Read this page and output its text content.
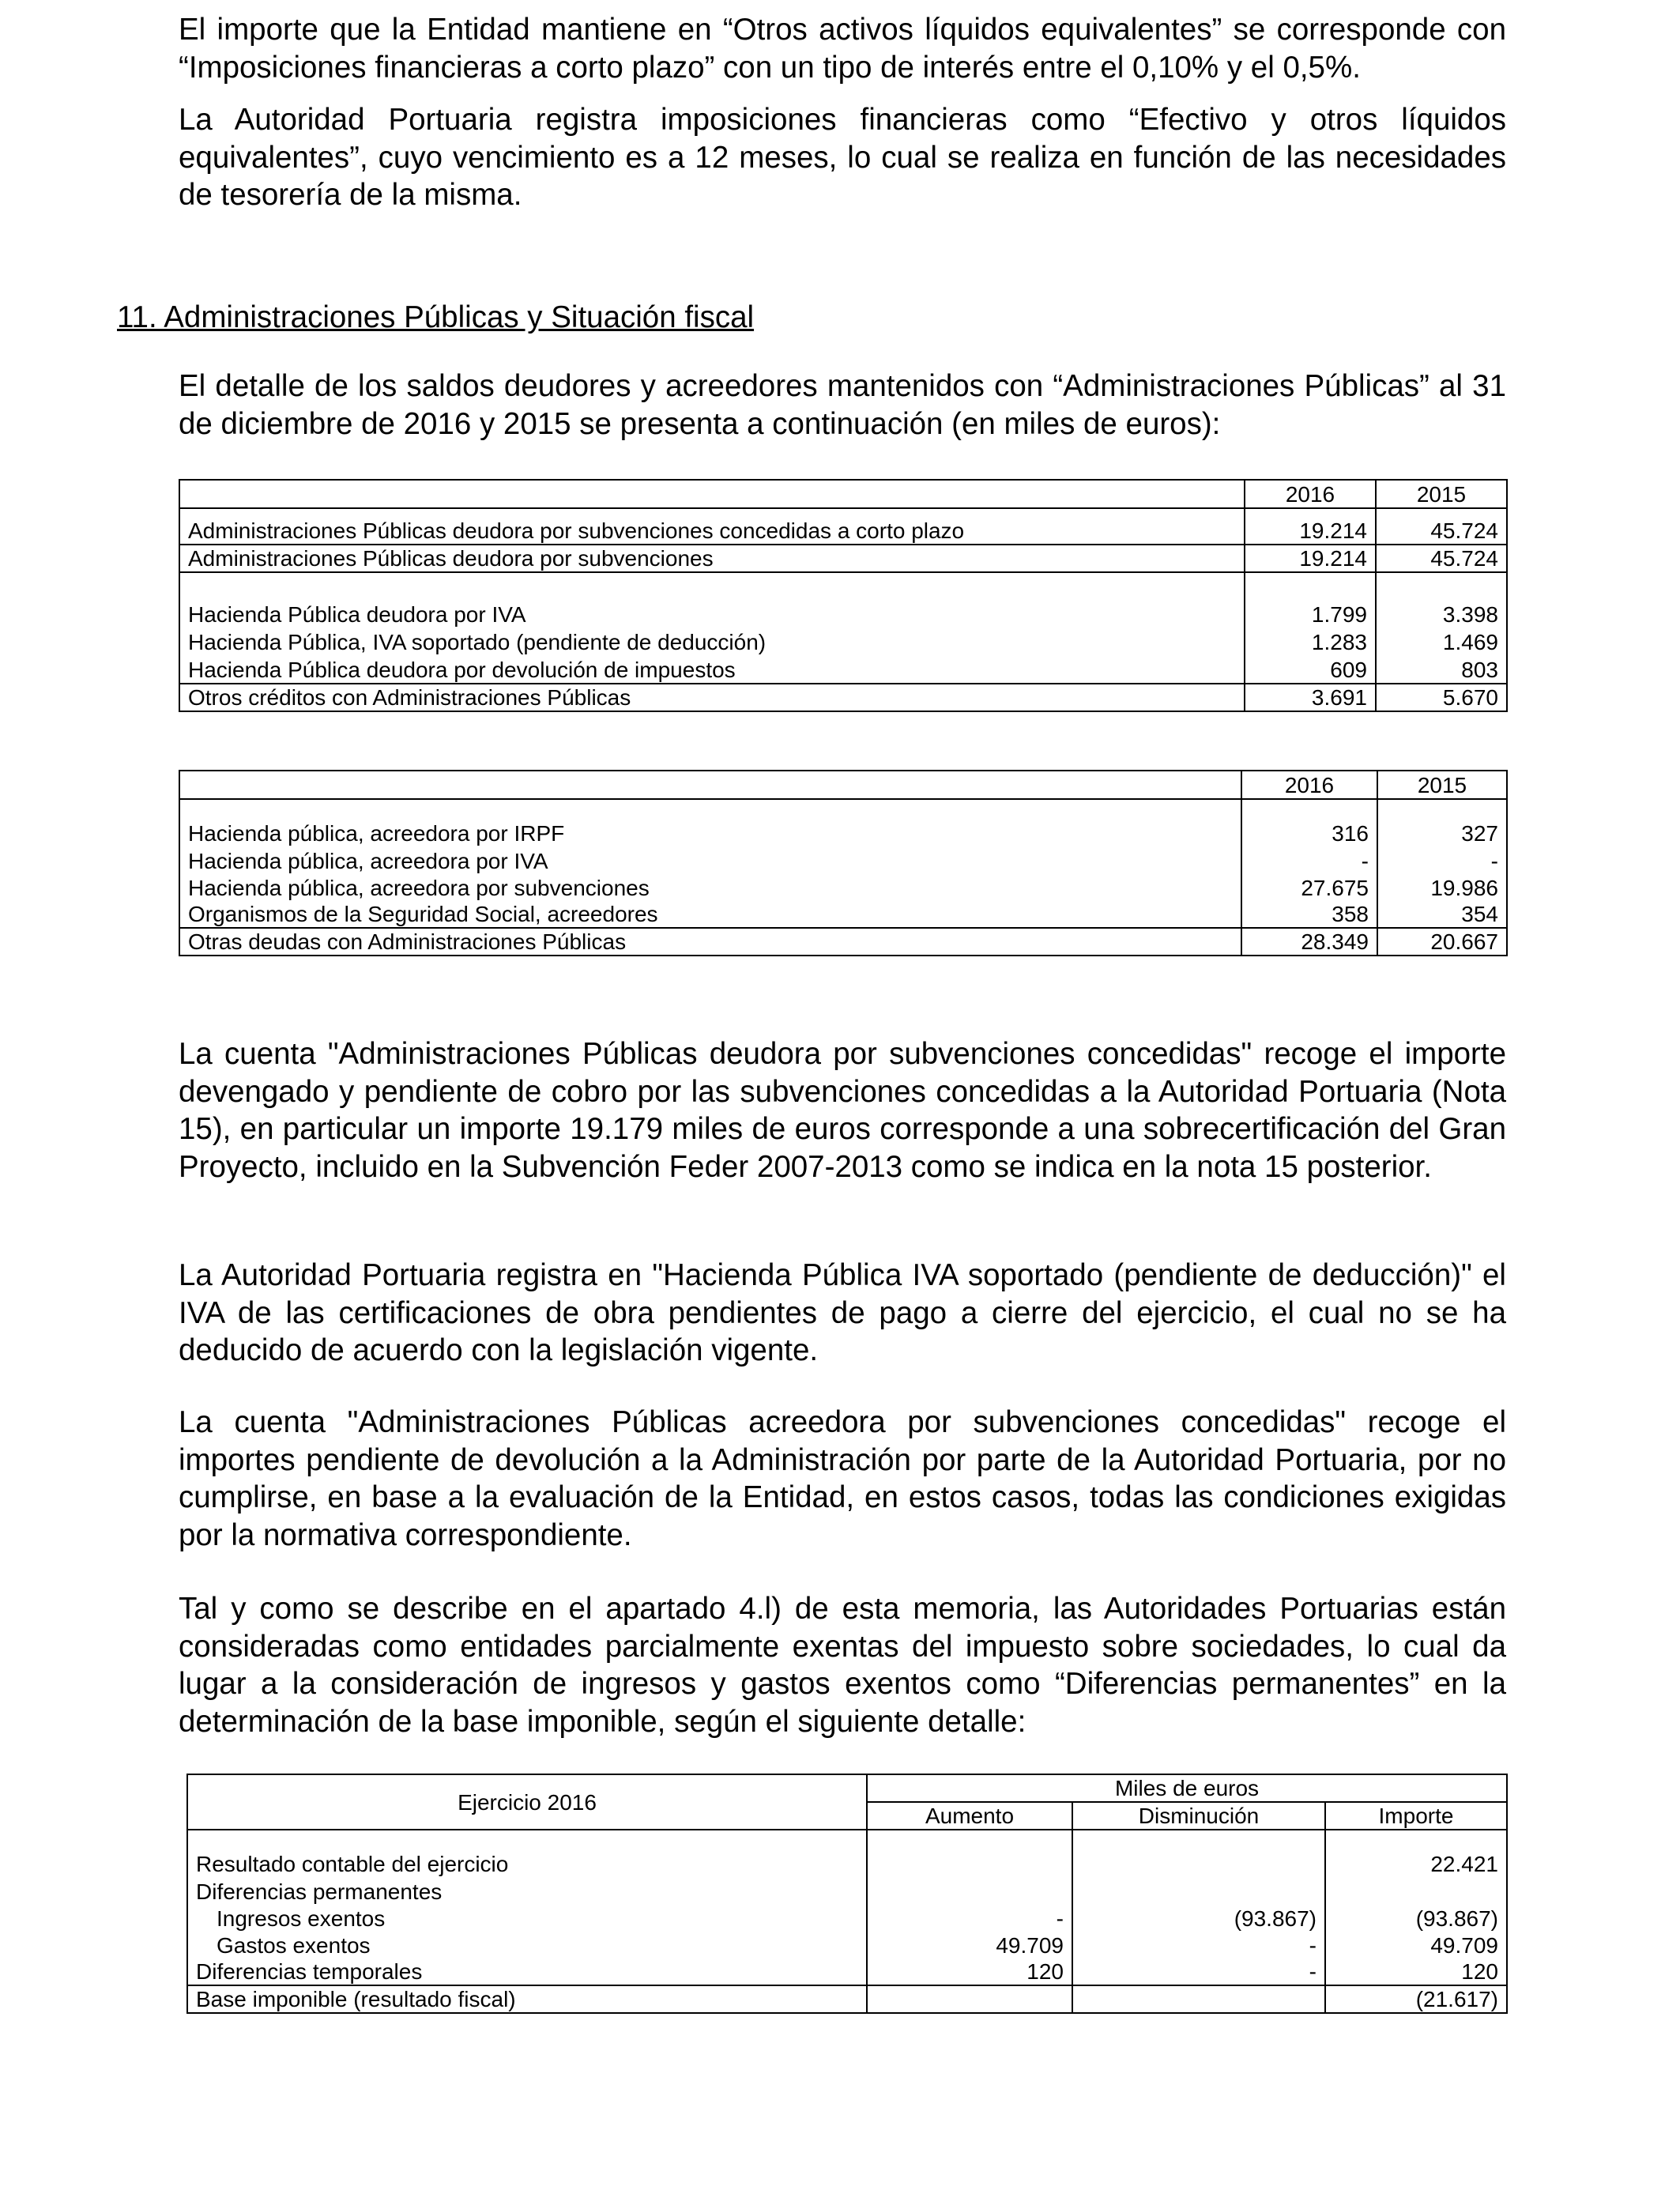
El importe que la Entidad mantiene en “Otros activos líquidos equivalentes” se corresponde con “Imposiciones financieras a corto plazo” con un tipo de interés entre el 0,10% y el 0,5%.

La Autoridad Portuaria registra imposiciones financieras como “Efectivo y otros líquidos equivalentes”, cuyo vencimiento es a 12 meses, lo cual se realiza en función de las necesidades de tesorería de la misma.

11. Administraciones Públicas y Situación fiscal

El detalle de los saldos deudores y acreedores mantenidos con “Administraciones Públicas” al 31 de diciembre de 2016 y 2015 se presenta a continuación (en miles de euros):

	2016	2015

Administraciones Públicas deudora por subvenciones concedidas a corto plazo	19.214	45.724
Administraciones Públicas deudora por subvenciones	19.214	45.724

Hacienda Pública deudora por IVA	1.799	3.398
Hacienda Pública, IVA soportado (pendiente de deducción)	1.283	1.469
Hacienda Pública deudora por devolución de impuestos	609	803
Otros créditos con Administraciones Públicas	3.691	5.670
	2016	2015

Hacienda pública, acreedora por IRPF	316	327
Hacienda pública, acreedora por IVA	-	-
Hacienda pública, acreedora por subvenciones	27.675	19.986
Organismos de la Seguridad Social, acreedores	358	354
Otras deudas con Administraciones Públicas	28.349	20.667

La cuenta "Administraciones Públicas deudora por subvenciones concedidas" recoge el importe devengado y pendiente de cobro por las subvenciones concedidas a la Autoridad Portuaria (Nota 15), en particular un importe 19.179 miles de euros corresponde a una sobrecertificación del Gran Proyecto, incluido en la Subvención Feder 2007-2013 como se indica en la nota 15 posterior.

La Autoridad Portuaria registra en "Hacienda Pública IVA soportado (pendiente de deducción)" el IVA de las certificaciones de obra pendientes de pago a cierre del ejercicio, el cual no se ha deducido de acuerdo con la legislación vigente.

La cuenta "Administraciones Públicas acreedora por subvenciones concedidas" recoge el importes pendiente de devolución a la Administración por parte de la Autoridad Portuaria, por no cumplirse, en base a la evaluación de la Entidad, en estos casos, todas las condiciones exigidas por la normativa correspondiente.

Tal y como se describe en el apartado 4.l) de esta memoria, las Autoridades Portuarias están consideradas como entidades parcialmente exentas del impuesto sobre sociedades, lo cual da lugar a la consideración de ingresos y gastos exentos como “Diferencias permanentes” en la determinación de la base imponible, según el siguiente detalle:

Ejercicio 2016	Miles de euros		
	Aumento	Disminución	Importe

Resultado contable del ejercicio			22.421
Diferencias permanentes			
Ingresos exentos	-	(93.867)	(93.867)
Gastos exentos	49.709	-	49.709
Diferencias temporales	120	-	120
Base imponible (resultado fiscal)			(21.617)
